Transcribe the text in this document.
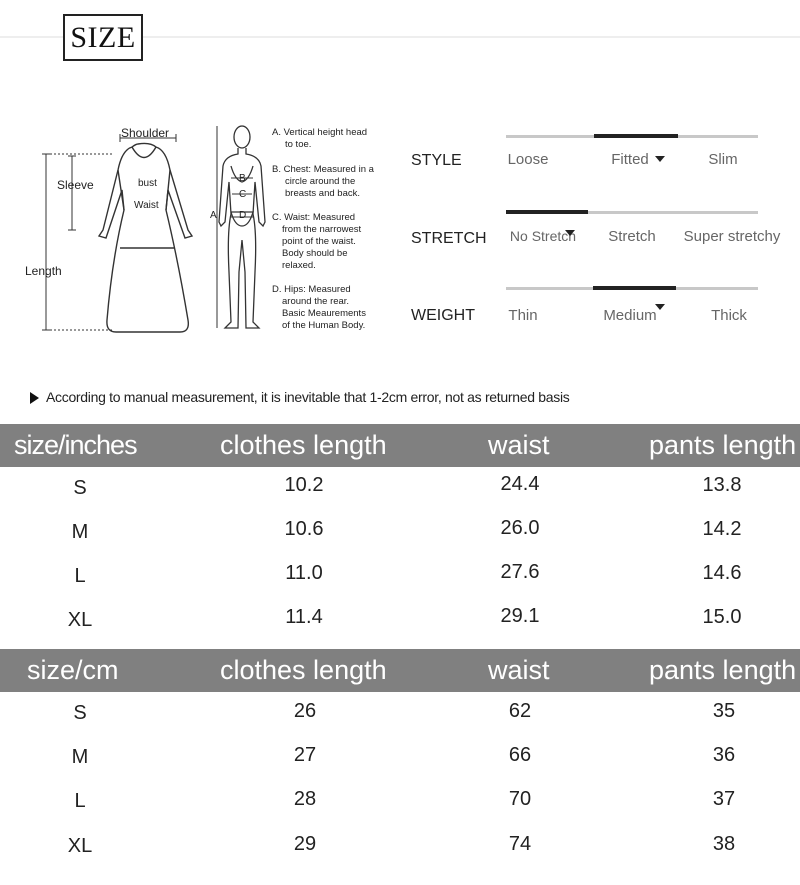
SIZE
Shoulder
Sleeve
Length
bust
Waist
A
B
C
D
A. Vertical height head
to toe.
B. Chest: Measured in a
circle around the
breasts and back.
C. Waist: Measured
from the narrowest
point of the waist.
Body should be
relaxed.
D. Hips: Measured
around the rear.
Basic Meaurements
of the Human Body.
STYLE	Loose	Fitted	Slim
STRETCH	No Stretch	Stretch	Super stretchy
WEIGHT	Thin	Medium	Thick
According to manual measurement, it is inevitable that 1-2cm error, not as returned basis
size/inches	clothes length	waist	pants length
S	10.2	24.4	13.8
M	10.6	26.0	14.2
L	11.0	27.6	14.6
XL	11.4	29.1	15.0
size/cm	clothes length	waist	pants length
S	26	62	35
M	27	66	36
L	28	70	37
XL	29	74	38
